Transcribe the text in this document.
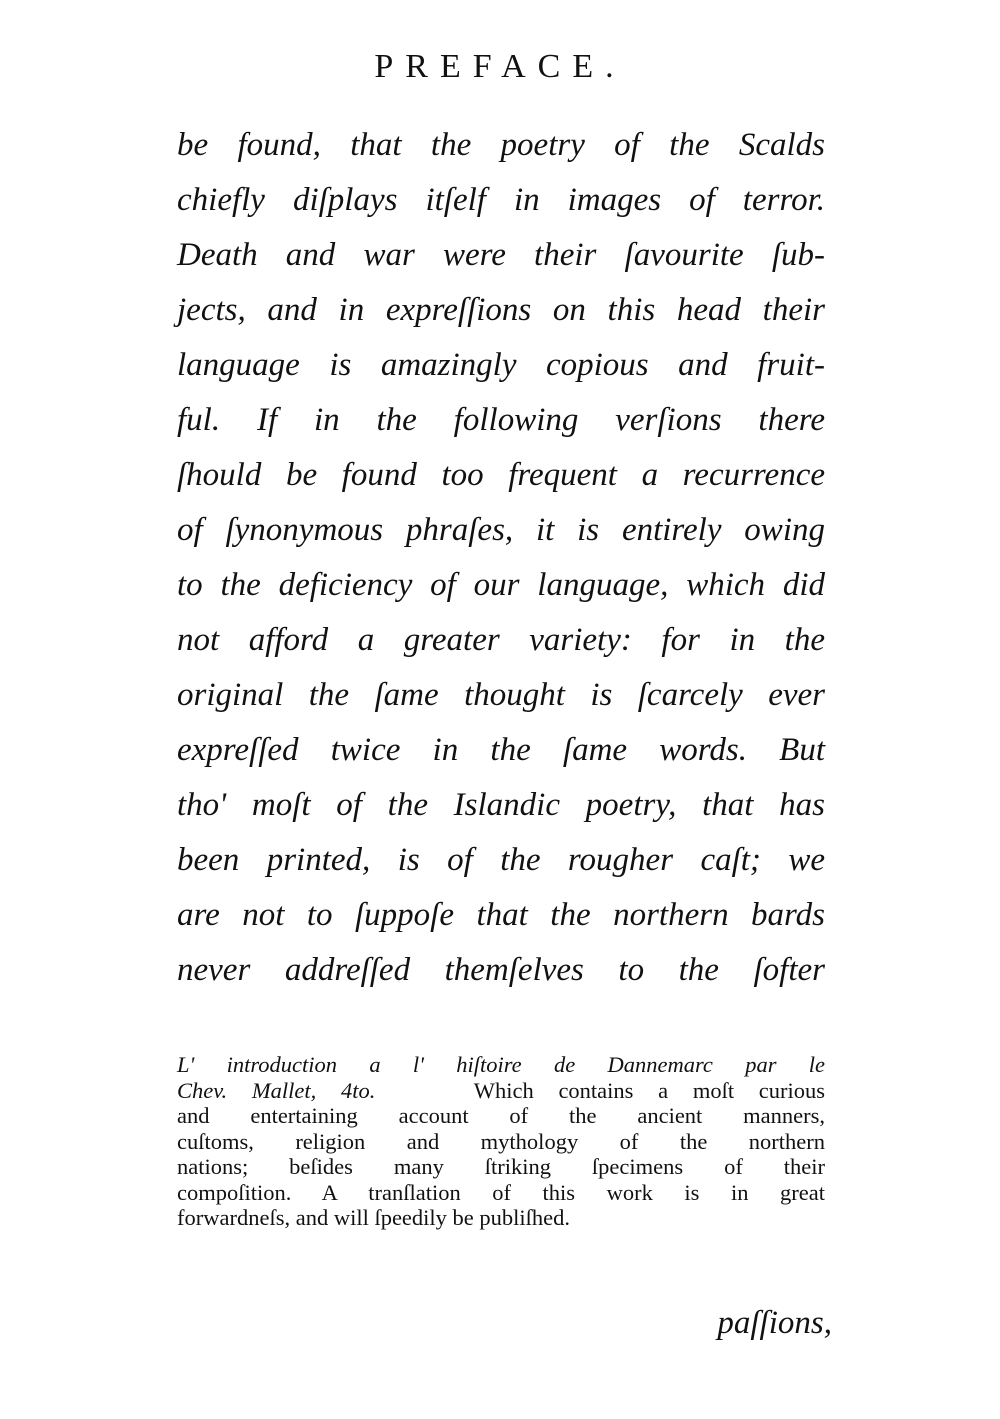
PREFACE.
be found, that the poetry of the Scalds
chiefly diſplays itſelf in images of terror.
Death and war were their ſavourite ſub-
jects, and in expreſſions on this head their
language is amazingly copious and fruit-
ful. If in the following verſions there
ſhould be found too frequent a recurrence
of ſynonymous phraſes, it is entirely owing
to the deficiency of our language, which did
not afford a greater variety: for in the
original the ſame thought is ſcarcely ever
expreſſed twice in the ſame words. But
tho' moſt of the Islandic poetry, that has
been printed, is of the rougher caſt; we
are not to ſuppoſe that the northern bards
never addreſſed themſelves to the ſofter
L' introduction a l' hiſtoire de Dannemarc par le
Chev. Mallet, 4to.	Which contains a moſt curious
and entertaining account of the ancient manners,
cuſtoms, religion and mythology of the northern
nations; beſides many ſtriking ſpecimens of their
compoſition. A tranſlation of this work is in great
forwardneſs, and will ſpeedily be publiſhed.
paſſions,
